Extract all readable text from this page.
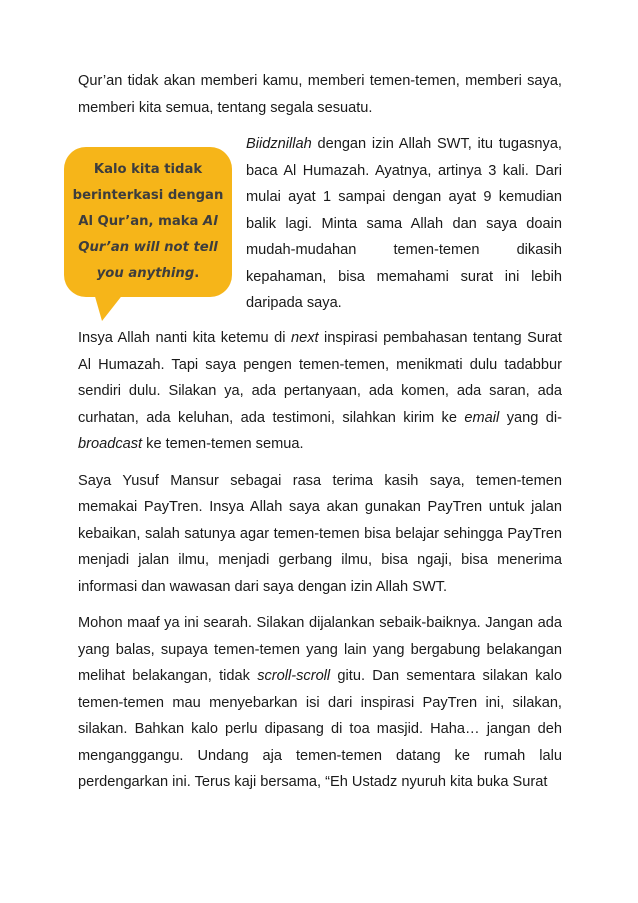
Qur’an tidak akan memberi kamu, memberi temen-temen, memberi saya, memberi kita semua, tentang segala sesuatu.

Kalo kita tidak
berinterkasi dengan
Al Qur’an, maka Al
Qur’an will not tell
you anything.

Biidznillah dengan izin Allah SWT, itu tugasnya, baca Al Humazah. Ayatnya, artinya 3 kali. Dari mulai ayat 1 sampai dengan ayat 9 kemudian balik lagi. Minta sama Allah dan saya doain mudah-mudahan temen-temen dikasih kepahaman, bisa memahami surat ini lebih daripada saya.

Insya Allah nanti kita ketemu di next inspirasi pembahasan tentang Surat Al Humazah. Tapi saya pengen temen-temen, menikmati dulu tadabbur sendiri dulu. Silakan ya, ada pertanyaan, ada komen, ada saran, ada curhatan, ada keluhan, ada testimoni, silahkan kirim ke email yang di-broadcast ke temen-temen semua.

Saya Yusuf Mansur sebagai rasa terima kasih saya, temen-temen memakai PayTren. Insya Allah saya akan gunakan PayTren untuk jalan kebaikan, salah satunya agar temen-temen bisa belajar sehingga PayTren menjadi jalan ilmu, menjadi gerbang ilmu, bisa ngaji, bisa menerima informasi dan wawasan dari saya dengan izin Allah SWT.

Mohon maaf ya ini searah. Silakan dijalankan sebaik-baiknya. Jangan ada yang balas, supaya temen-temen yang lain yang bergabung belakangan melihat belakangan, tidak scroll-scroll gitu. Dan sementara silakan kalo temen-temen mau menyebarkan isi dari inspirasi PayTren ini, silakan, silakan. Bahkan kalo perlu dipasang di toa masjid. Haha… jangan deh menganggangu. Undang aja temen-temen datang ke rumah lalu perdengarkan ini. Terus kaji bersama, “Eh Ustadz nyuruh kita buka Surat
